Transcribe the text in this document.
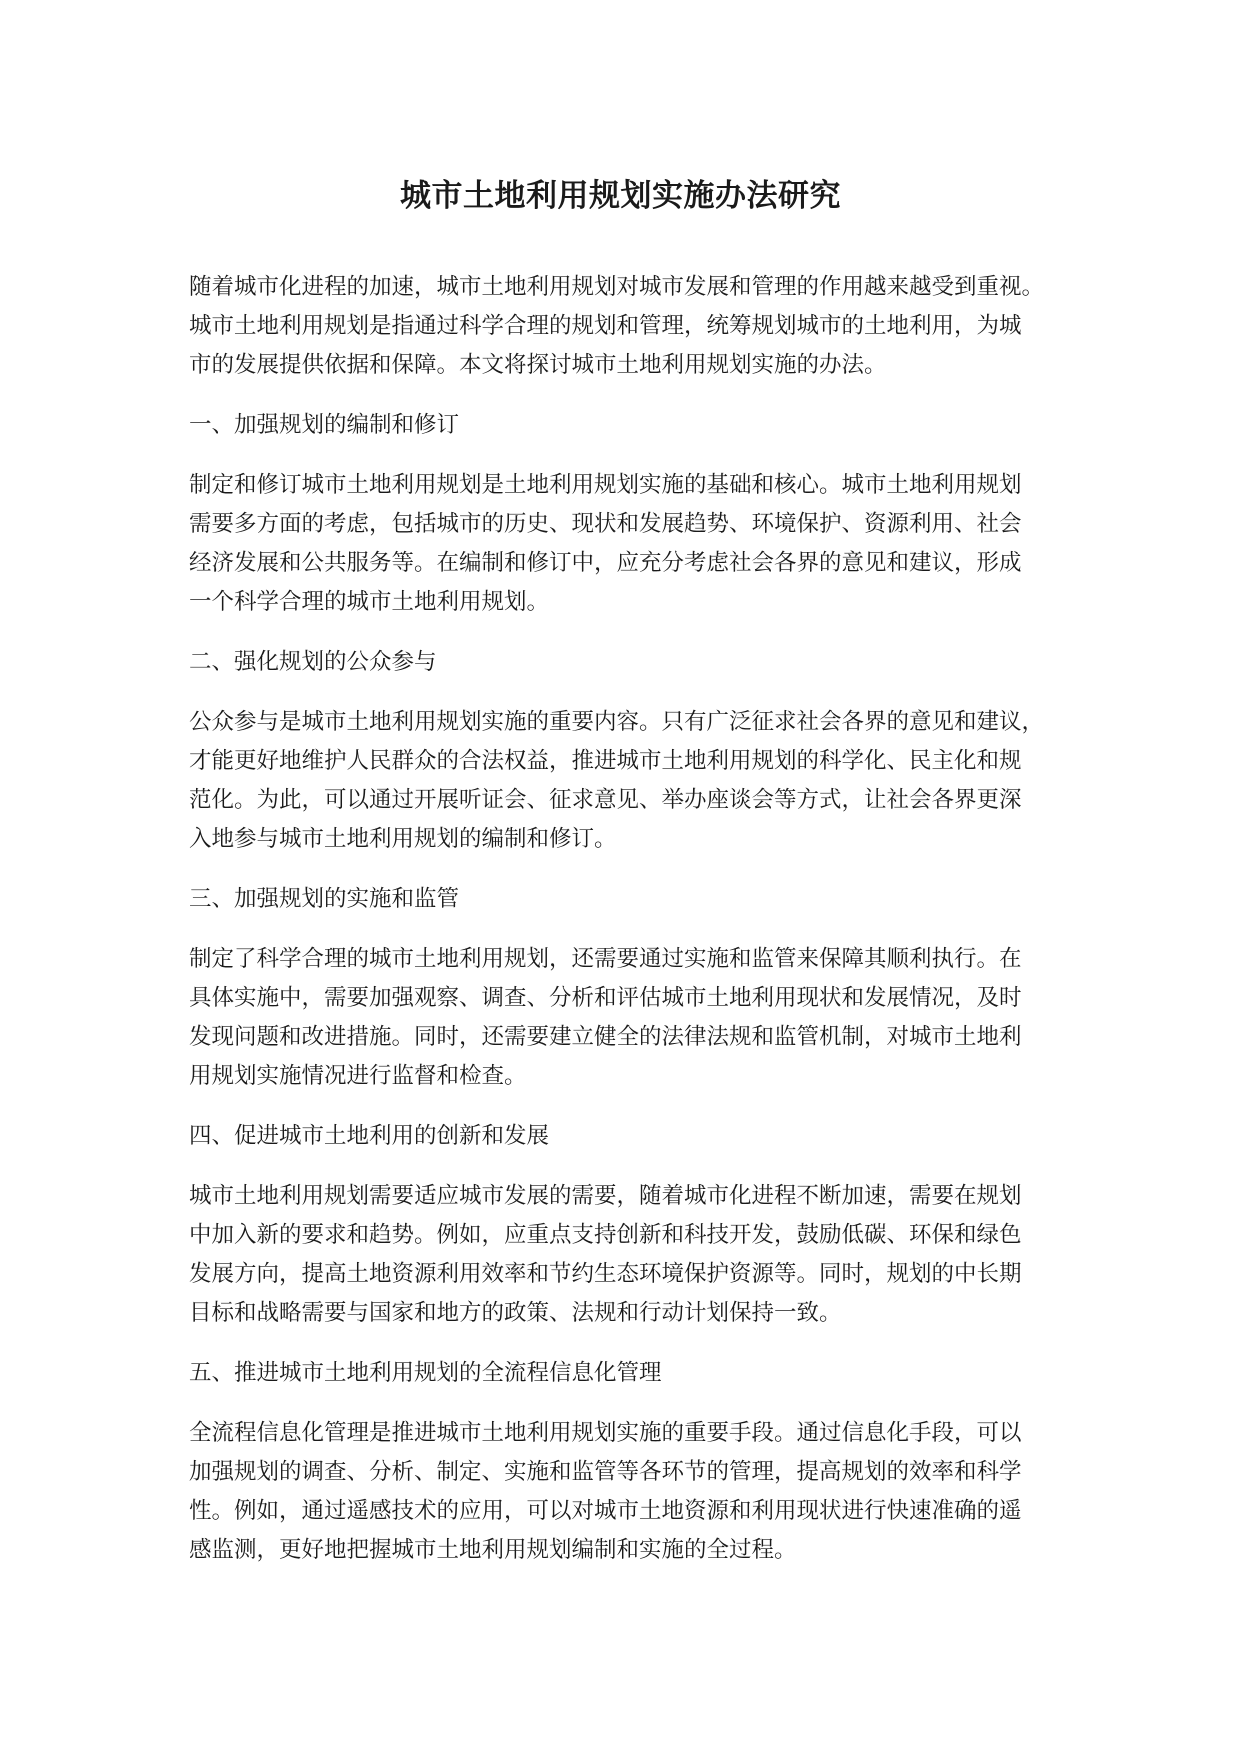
城市土地利用规划实施办法研究
随着城市化进程的加速，城市土地利用规划对城市发展和管理的作用越来越受到重视。
城市土地利用规划是指通过科学合理的规划和管理，统筹规划城市的土地利用，为城
市的发展提供依据和保障。本文将探讨城市土地利用规划实施的办法。
一、加强规划的编制和修订
制定和修订城市土地利用规划是土地利用规划实施的基础和核心。城市土地利用规划
需要多方面的考虑，包括城市的历史、现状和发展趋势、环境保护、资源利用、社会
经济发展和公共服务等。在编制和修订中，应充分考虑社会各界的意见和建议，形成
一个科学合理的城市土地利用规划。
二、强化规划的公众参与
公众参与是城市土地利用规划实施的重要内容。只有广泛征求社会各界的意见和建议，
才能更好地维护人民群众的合法权益，推进城市土地利用规划的科学化、民主化和规
范化。为此，可以通过开展听证会、征求意见、举办座谈会等方式，让社会各界更深
入地参与城市土地利用规划的编制和修订。
三、加强规划的实施和监管
制定了科学合理的城市土地利用规划，还需要通过实施和监管来保障其顺利执行。在
具体实施中，需要加强观察、调查、分析和评估城市土地利用现状和发展情况，及时
发现问题和改进措施。同时，还需要建立健全的法律法规和监管机制，对城市土地利
用规划实施情况进行监督和检查。
四、促进城市土地利用的创新和发展
城市土地利用规划需要适应城市发展的需要，随着城市化进程不断加速，需要在规划
中加入新的要求和趋势。例如，应重点支持创新和科技开发，鼓励低碳、环保和绿色
发展方向，提高土地资源利用效率和节约生态环境保护资源等。同时，规划的中长期
目标和战略需要与国家和地方的政策、法规和行动计划保持一致。
五、推进城市土地利用规划的全流程信息化管理
全流程信息化管理是推进城市土地利用规划实施的重要手段。通过信息化手段，可以
加强规划的调查、分析、制定、实施和监管等各环节的管理，提高规划的效率和科学
性。例如，通过遥感技术的应用，可以对城市土地资源和利用现状进行快速准确的遥
感监测，更好地把握城市土地利用规划编制和实施的全过程。
